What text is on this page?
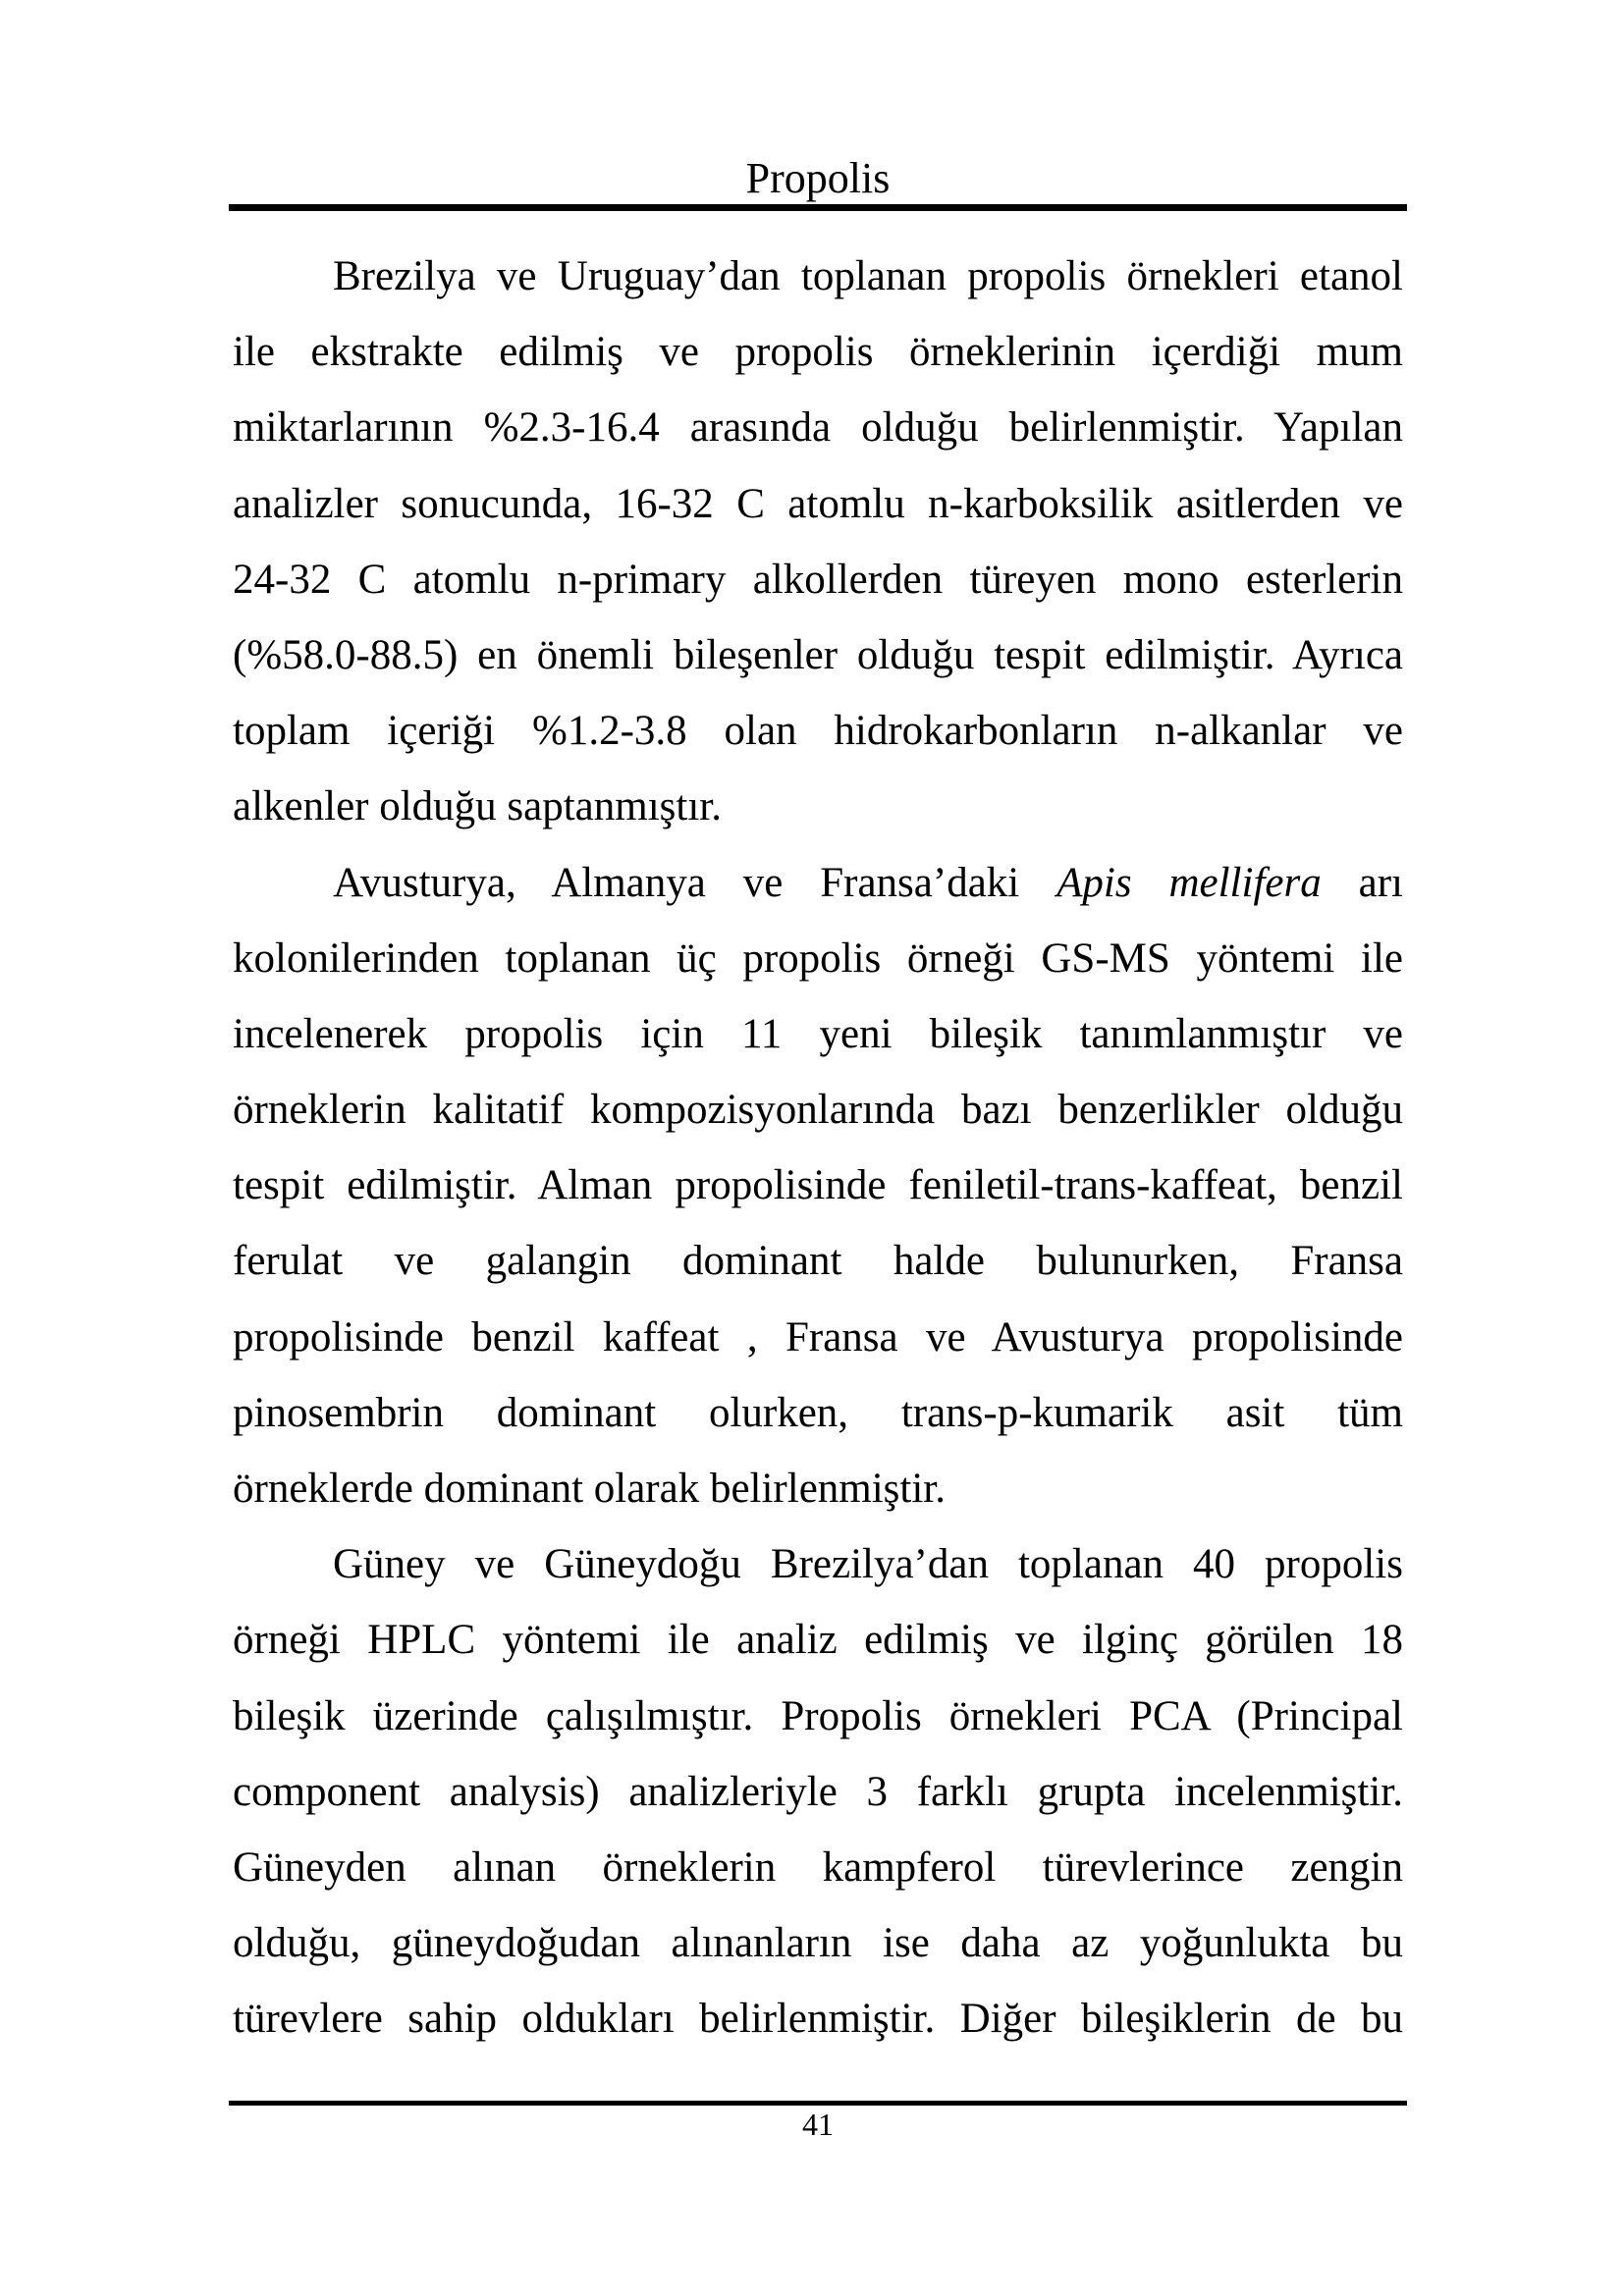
Propolis
Brezilya ve Uruguay’dan toplanan propolis örnekleri etanol
ile ekstrakte edilmiş ve propolis örneklerinin içerdiği mum
miktarlarının %2.3-16.4 arasında olduğu belirlenmiştir. Yapılan
analizler sonucunda, 16-32 C atomlu n-karboksilik asitlerden ve
24-32 C atomlu n-primary alkollerden türeyen mono esterlerin
(%58.0-88.5) en önemli bileşenler olduğu tespit edilmiştir. Ayrıca
toplam içeriği %1.2-3.8 olan hidrokarbonların n-alkanlar ve
alkenler olduğu saptanmıştır.
Avusturya, Almanya ve Fransa’daki Apis mellifera arı
kolonilerinden toplanan üç propolis örneği GS-MS yöntemi ile
incelenerek propolis için 11 yeni bileşik tanımlanmıştır ve
örneklerin kalitatif kompozisyonlarında bazı benzerlikler olduğu
tespit edilmiştir. Alman propolisinde feniletil-trans-kaffeat, benzil
ferulat ve galangin dominant halde bulunurken, Fransa
propolisinde benzil kaffeat , Fransa ve Avusturya propolisinde
pinosembrin dominant olurken, trans-p-kumarik asit tüm
örneklerde dominant olarak belirlenmiştir.
Güney ve Güneydoğu Brezilya’dan toplanan 40 propolis
örneği HPLC yöntemi ile analiz edilmiş ve ilginç görülen 18
bileşik üzerinde çalışılmıştır. Propolis örnekleri PCA (Principal
component analysis) analizleriyle 3 farklı grupta incelenmiştir.
Güneyden alınan örneklerin kampferol türevlerince zengin
olduğu, güneydoğudan alınanların ise daha az yoğunlukta bu
türevlere sahip oldukları belirlenmiştir. Diğer bileşiklerin de bu
41
